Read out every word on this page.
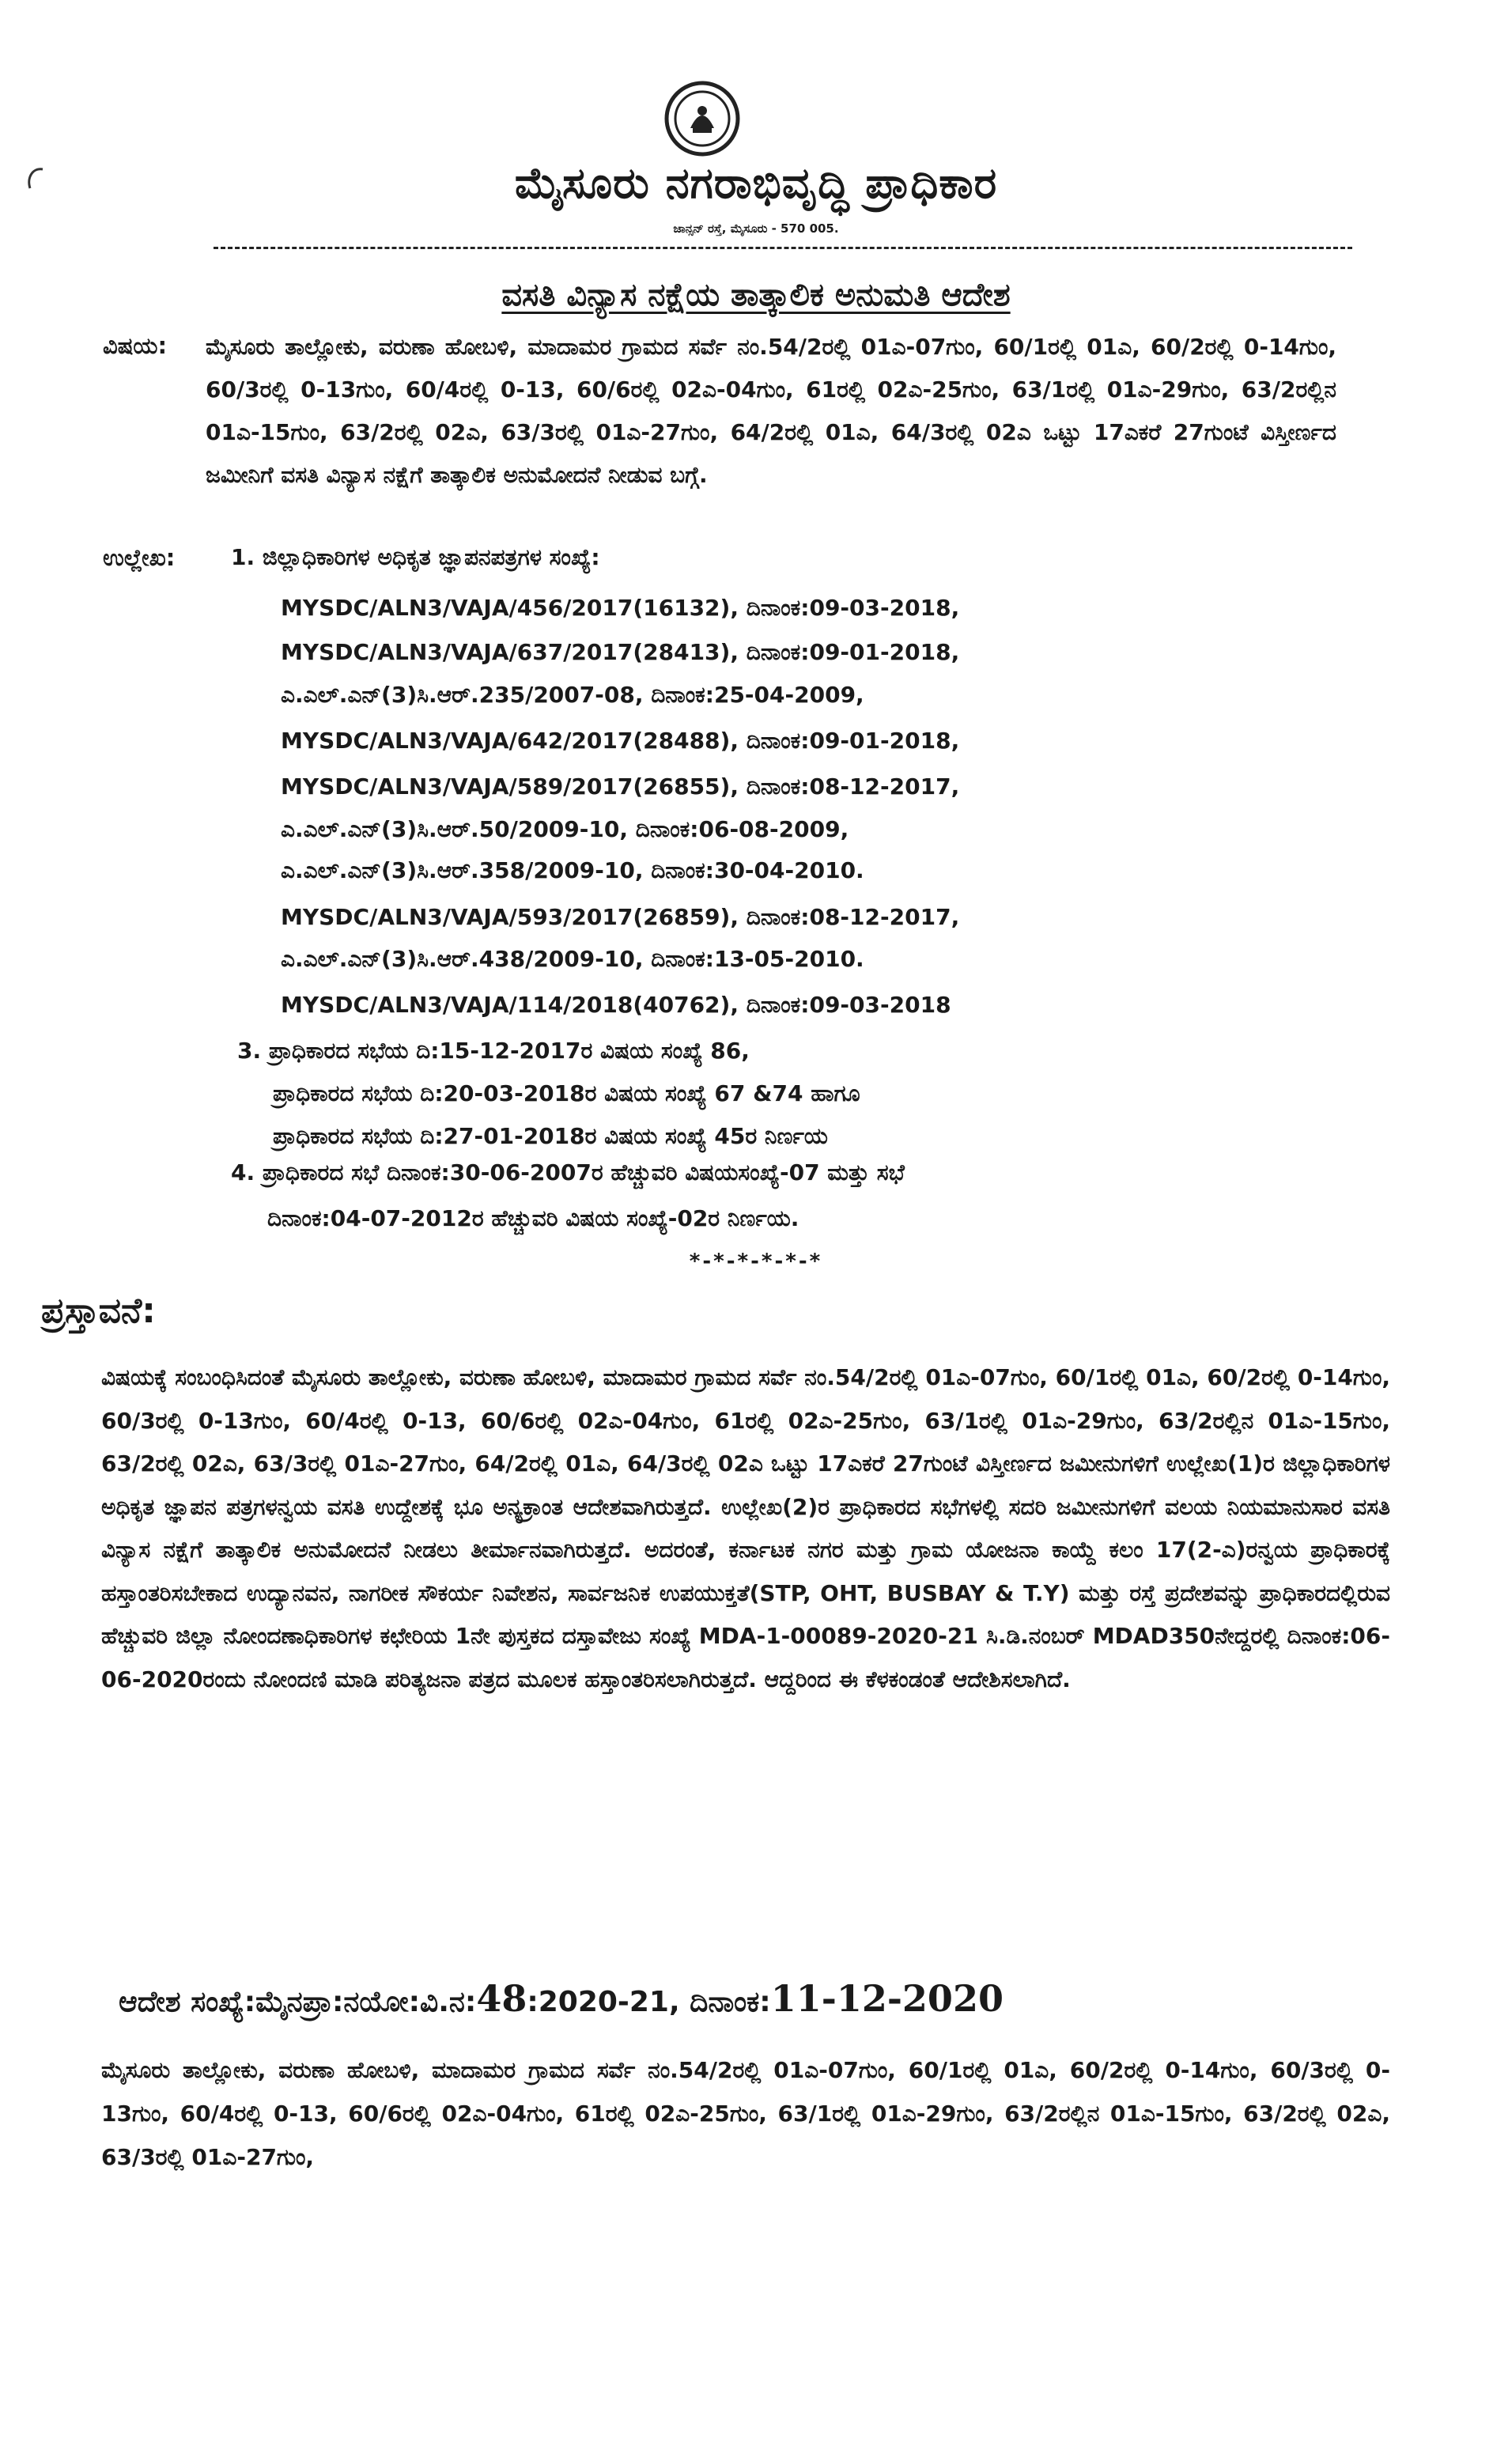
ಮೈಸೂರು ನಗರಾಭಿವೃದ್ಧಿ ಪ್ರಾಧಿಕಾರ
ಜಾನ್ಸನ್ ರಸ್ತೆ, ಮೈಸೂರು - 570 005.
ವಸತಿ ವಿನ್ಯಾಸ ನಕ್ಷೆಯ ತಾತ್ಕಾಲಿಕ ಅನುಮತಿ ಆದೇಶ
ವಿಷಯ: ಮೈಸೂರು ತಾಲ್ಲೋಕು, ವರುಣಾ ಹೋಬಳಿ, ಮಾದಾಮರ ಗ್ರಾಮದ ಸರ್ವೆ ನಂ.54/2ರಲ್ಲಿ 01ಎ-07ಗುಂ, 60/1ರಲ್ಲಿ 01ಎ, 60/2ರಲ್ಲಿ 0-14ಗುಂ, 60/3ರಲ್ಲಿ 0-13ಗುಂ, 60/4ರಲ್ಲಿ 0-13, 60/6ರಲ್ಲಿ 02ಎ-04ಗುಂ, 61ರಲ್ಲಿ 02ಎ-25ಗುಂ, 63/1ರಲ್ಲಿ 01ಎ-29ಗುಂ, 63/2ರಲ್ಲಿನ 01ಎ-15ಗುಂ, 63/2ರಲ್ಲಿ 02ಎ, 63/3ರಲ್ಲಿ 01ಎ-27ಗುಂ, 64/2ರಲ್ಲಿ 01ಎ, 64/3ರಲ್ಲಿ 02ಎ ಒಟ್ಟು 17ಎಕರೆ 27ಗುಂಟೆ ವಿಸ್ತೀರ್ಣದ ಜಮೀನಿಗೆ ವಸತಿ ವಿನ್ಯಾಸ ನಕ್ಷೆಗೆ ತಾತ್ಕಾಲಿಕ ಅನುಮೋದನೆ ನೀಡುವ ಬಗ್ಗೆ.
ಉಲ್ಲೇಖ:	1. ಜಿಲ್ಲಾಧಿಕಾರಿಗಳ ಅಧಿಕೃತ ಜ್ಞಾಪನಪತ್ರಗಳ ಸಂಖ್ಯೆ:
MYSDC/ALN3/VAJA/456/2017(16132), ದಿನಾಂಕ:09-03-2018,
MYSDC/ALN3/VAJA/637/2017(28413), ದಿನಾಂಕ:09-01-2018,
ಎ.ಎಲ್.ಎನ್(3)ಸಿ.ಆರ್.235/2007-08, ದಿನಾಂಕ:25-04-2009,
MYSDC/ALN3/VAJA/642/2017(28488), ದಿನಾಂಕ:09-01-2018,
MYSDC/ALN3/VAJA/589/2017(26855), ದಿನಾಂಕ:08-12-2017,
ಎ.ಎಲ್.ಎನ್(3)ಸಿ.ಆರ್.50/2009-10, ದಿನಾಂಕ:06-08-2009,
ಎ.ಎಲ್.ಎನ್(3)ಸಿ.ಆರ್.358/2009-10, ದಿನಾಂಕ:30-04-2010.
MYSDC/ALN3/VAJA/593/2017(26859), ದಿನಾಂಕ:08-12-2017,
ಎ.ಎಲ್.ಎನ್(3)ಸಿ.ಆರ್.438/2009-10, ದಿನಾಂಕ:13-05-2010.
MYSDC/ALN3/VAJA/114/2018(40762), ದಿನಾಂಕ:09-03-2018
3. ಪ್ರಾಧಿಕಾರದ ಸಭೆಯ ದಿ:15-12-2017ರ ವಿಷಯ ಸಂಖ್ಯೆ 86,
ಪ್ರಾಧಿಕಾರದ ಸಭೆಯ ದಿ:20-03-2018ರ ವಿಷಯ ಸಂಖ್ಯೆ 67 &74 ಹಾಗೂ
ಪ್ರಾಧಿಕಾರದ ಸಭೆಯ ದಿ:27-01-2018ರ ವಿಷಯ ಸಂಖ್ಯೆ 45ರ ನಿರ್ಣಯ
4. ಪ್ರಾಧಿಕಾರದ ಸಭೆ ದಿನಾಂಕ:30-06-2007ರ ಹೆಚ್ಚುವರಿ ವಿಷಯಸಂಖ್ಯೆ-07 ಮತ್ತು ಸಭೆ
ದಿನಾಂಕ:04-07-2012ರ ಹೆಚ್ಚುವರಿ ವಿಷಯ ಸಂಖ್ಯೆ-02ರ ನಿರ್ಣಯ.
*-*-*-*-*-*
ಪ್ರಸ್ತಾವನೆ:
ವಿಷಯಕ್ಕೆ ಸಂಬಂಧಿಸಿದಂತೆ ಮೈಸೂರು ತಾಲ್ಲೋಕು, ವರುಣಾ ಹೋಬಳಿ, ಮಾದಾಮರ ಗ್ರಾಮದ ಸರ್ವೆ ನಂ.54/2ರಲ್ಲಿ 01ಎ-07ಗುಂ, 60/1ರಲ್ಲಿ 01ಎ, 60/2ರಲ್ಲಿ 0-14ಗುಂ, 60/3ರಲ್ಲಿ 0-13ಗುಂ, 60/4ರಲ್ಲಿ 0-13, 60/6ರಲ್ಲಿ 02ಎ-04ಗುಂ, 61ರಲ್ಲಿ 02ಎ-25ಗುಂ, 63/1ರಲ್ಲಿ 01ಎ-29ಗುಂ, 63/2ರಲ್ಲಿನ 01ಎ-15ಗುಂ, 63/2ರಲ್ಲಿ 02ಎ, 63/3ರಲ್ಲಿ 01ಎ-27ಗುಂ, 64/2ರಲ್ಲಿ 01ಎ, 64/3ರಲ್ಲಿ 02ಎ ಒಟ್ಟು 17ಎಕರೆ 27ಗುಂಟೆ ವಿಸ್ತೀರ್ಣದ ಜಮೀನುಗಳಿಗೆ ಉಲ್ಲೇಖ(1)ರ ಜಿಲ್ಲಾಧಿಕಾರಿಗಳ ಅಧಿಕೃತ ಜ್ಞಾಪನ ಪತ್ರಗಳನ್ವಯ ವಸತಿ ಉದ್ದೇಶಕ್ಕೆ ಭೂ ಅನ್ಯಕ್ರಾಂತ ಆದೇಶವಾಗಿರುತ್ತದೆ. ಉಲ್ಲೇಖ(2)ರ ಪ್ರಾಧಿಕಾರದ ಸಭೆಗಳಲ್ಲಿ ಸದರಿ ಜಮೀನುಗಳಿಗೆ ವಲಯ ನಿಯಮಾನುಸಾರ ವಸತಿ ವಿನ್ಯಾಸ ನಕ್ಷೆಗೆ ತಾತ್ಕಾಲಿಕ ಅನುಮೋದನೆ ನೀಡಲು ತೀರ್ಮಾನವಾಗಿರುತ್ತದೆ. ಅದರಂತೆ, ಕರ್ನಾಟಕ ನಗರ ಮತ್ತು ಗ್ರಾಮ ಯೋಜನಾ ಕಾಯ್ದೆ ಕಲಂ 17(2-ಎ)ರನ್ವಯ ಪ್ರಾಧಿಕಾರಕ್ಕೆ ಹಸ್ತಾಂತರಿಸಬೇಕಾದ ಉದ್ಯಾನವನ, ನಾಗರೀಕ ಸೌಕರ್ಯ ನಿವೇಶನ, ಸಾರ್ವಜನಿಕ ಉಪಯುಕ್ತತೆ(STP, OHT, BUSBAY & T.Y) ಮತ್ತು ರಸ್ತೆ ಪ್ರದೇಶವನ್ನು ಪ್ರಾಧಿಕಾರದಲ್ಲಿರುವ ಹೆಚ್ಚುವರಿ ಜಿಲ್ಲಾ ನೋಂದಣಾಧಿಕಾರಿಗಳ ಕಛೇರಿಯ 1ನೇ ಪುಸ್ತಕದ ದಸ್ತಾವೇಜು ಸಂಖ್ಯೆ MDA-1-00089-2020-21 ಸಿ.ಡಿ.ನಂಬರ್ MDAD350ನೇದ್ದರಲ್ಲಿ ದಿನಾಂಕ:06-06-2020ರಂದು ನೋಂದಣಿ ಮಾಡಿ ಪರಿತ್ಯಜನಾ ಪತ್ರದ ಮೂಲಕ ಹಸ್ತಾಂತರಿಸಲಾಗಿರುತ್ತದೆ. ಆದ್ದರಿಂದ ಈ ಕೆಳಕಂಡಂತೆ ಆದೇಶಿಸಲಾಗಿದೆ.
ಆದೇಶ ಸಂಖ್ಯೆ:ಮೈನಪ್ರಾ:ನಯೋ:ವಿ.ನ:48:2020-21, ದಿನಾಂಕ:11-12-2020
ಮೈಸೂರು ತಾಲ್ಲೋಕು, ವರುಣಾ ಹೋಬಳಿ, ಮಾದಾಮರ ಗ್ರಾಮದ ಸರ್ವೆ ನಂ.54/2ರಲ್ಲಿ 01ಎ-07ಗುಂ, 60/1ರಲ್ಲಿ 01ಎ, 60/2ರಲ್ಲಿ 0-14ಗುಂ, 60/3ರಲ್ಲಿ 0-13ಗುಂ, 60/4ರಲ್ಲಿ 0-13, 60/6ರಲ್ಲಿ 02ಎ-04ಗುಂ, 61ರಲ್ಲಿ 02ಎ-25ಗುಂ, 63/1ರಲ್ಲಿ 01ಎ-29ಗುಂ, 63/2ರಲ್ಲಿನ 01ಎ-15ಗುಂ, 63/2ರಲ್ಲಿ 02ಎ, 63/3ರಲ್ಲಿ 01ಎ-27ಗುಂ,
